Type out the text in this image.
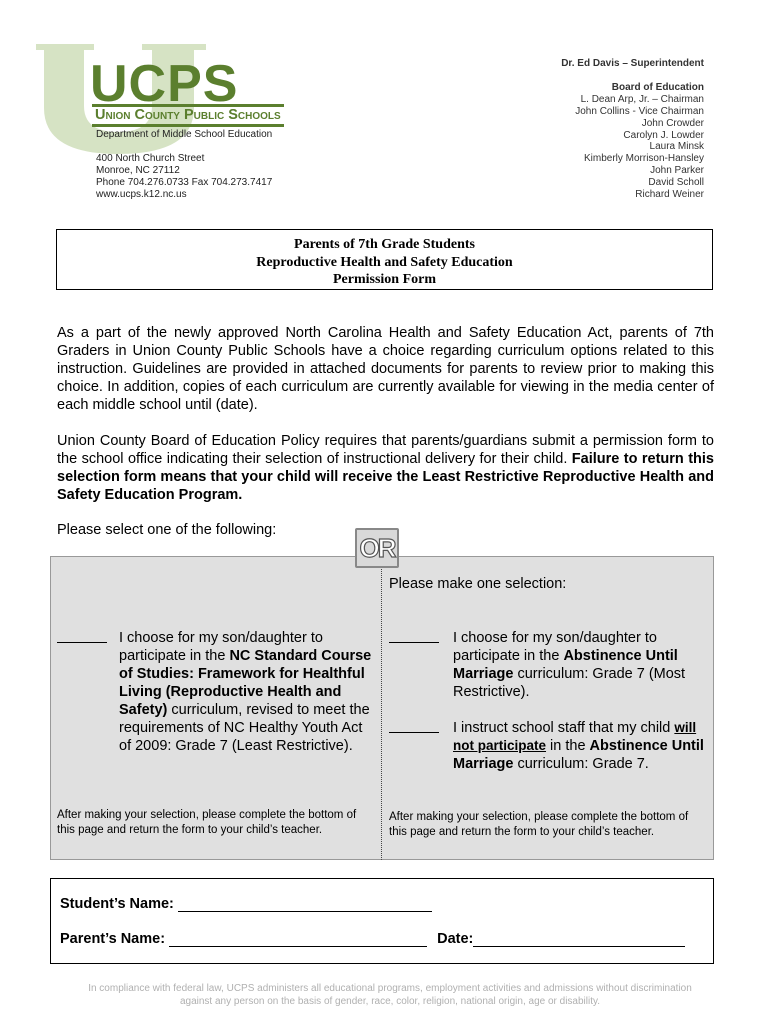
UCPS
Union County Public Schools
Department of Middle School Education
400 North Church Street
Monroe, NC 27112
Phone 704.276.0733 Fax 704.273.7417
www.ucps.k12.nc.us
Dr. Ed Davis – Superintendent
Board of Education
L. Dean Arp, Jr. – Chairman
John Collins - Vice Chairman
John Crowder
Carolyn J. Lowder
Laura Minsk
Kimberly Morrison-Hansley
John Parker
David Scholl
Richard Weiner
Parents of 7th Grade Students
Reproductive Health and Safety Education
Permission Form
As a part of the newly approved North Carolina Health and Safety Education Act, parents of 7th Graders in Union County Public Schools have a choice regarding curriculum options related to this instruction. Guidelines are provided in attached documents for parents to review prior to making this choice. In addition, copies of each curriculum are currently available for viewing in the media center of each middle school until (date).
Union County Board of Education Policy requires that parents/guardians submit a permission form to the school office indicating their selection of instructional delivery for their child. Failure to return this selection form means that your child will receive the Least Restrictive Reproductive Health and Safety Education Program.
Please select one of the following:
OR
Please make one selection:
I choose for my son/daughter to participate in the NC Standard Course of Studies: Framework for Healthful Living (Reproductive Health and Safety) curriculum, revised to meet the requirements of NC Healthy Youth Act of 2009: Grade 7 (Least Restrictive).
I choose for my son/daughter to participate in the Abstinence Until Marriage curriculum: Grade 7 (Most Restrictive).
I instruct school staff that my child will not participate in the Abstinence Until Marriage curriculum: Grade 7.
After making your selection, please complete the bottom of this page and return the form to your child’s teacher.
After making your selection, please complete the bottom of this page and return the form to your child’s teacher.
Student’s Name:
Parent’s Name:	Date:
In compliance with federal law, UCPS administers all educational programs, employment activities and admissions without discrimination
against any person on the basis of gender, race, color, religion, national origin, age or disability.
